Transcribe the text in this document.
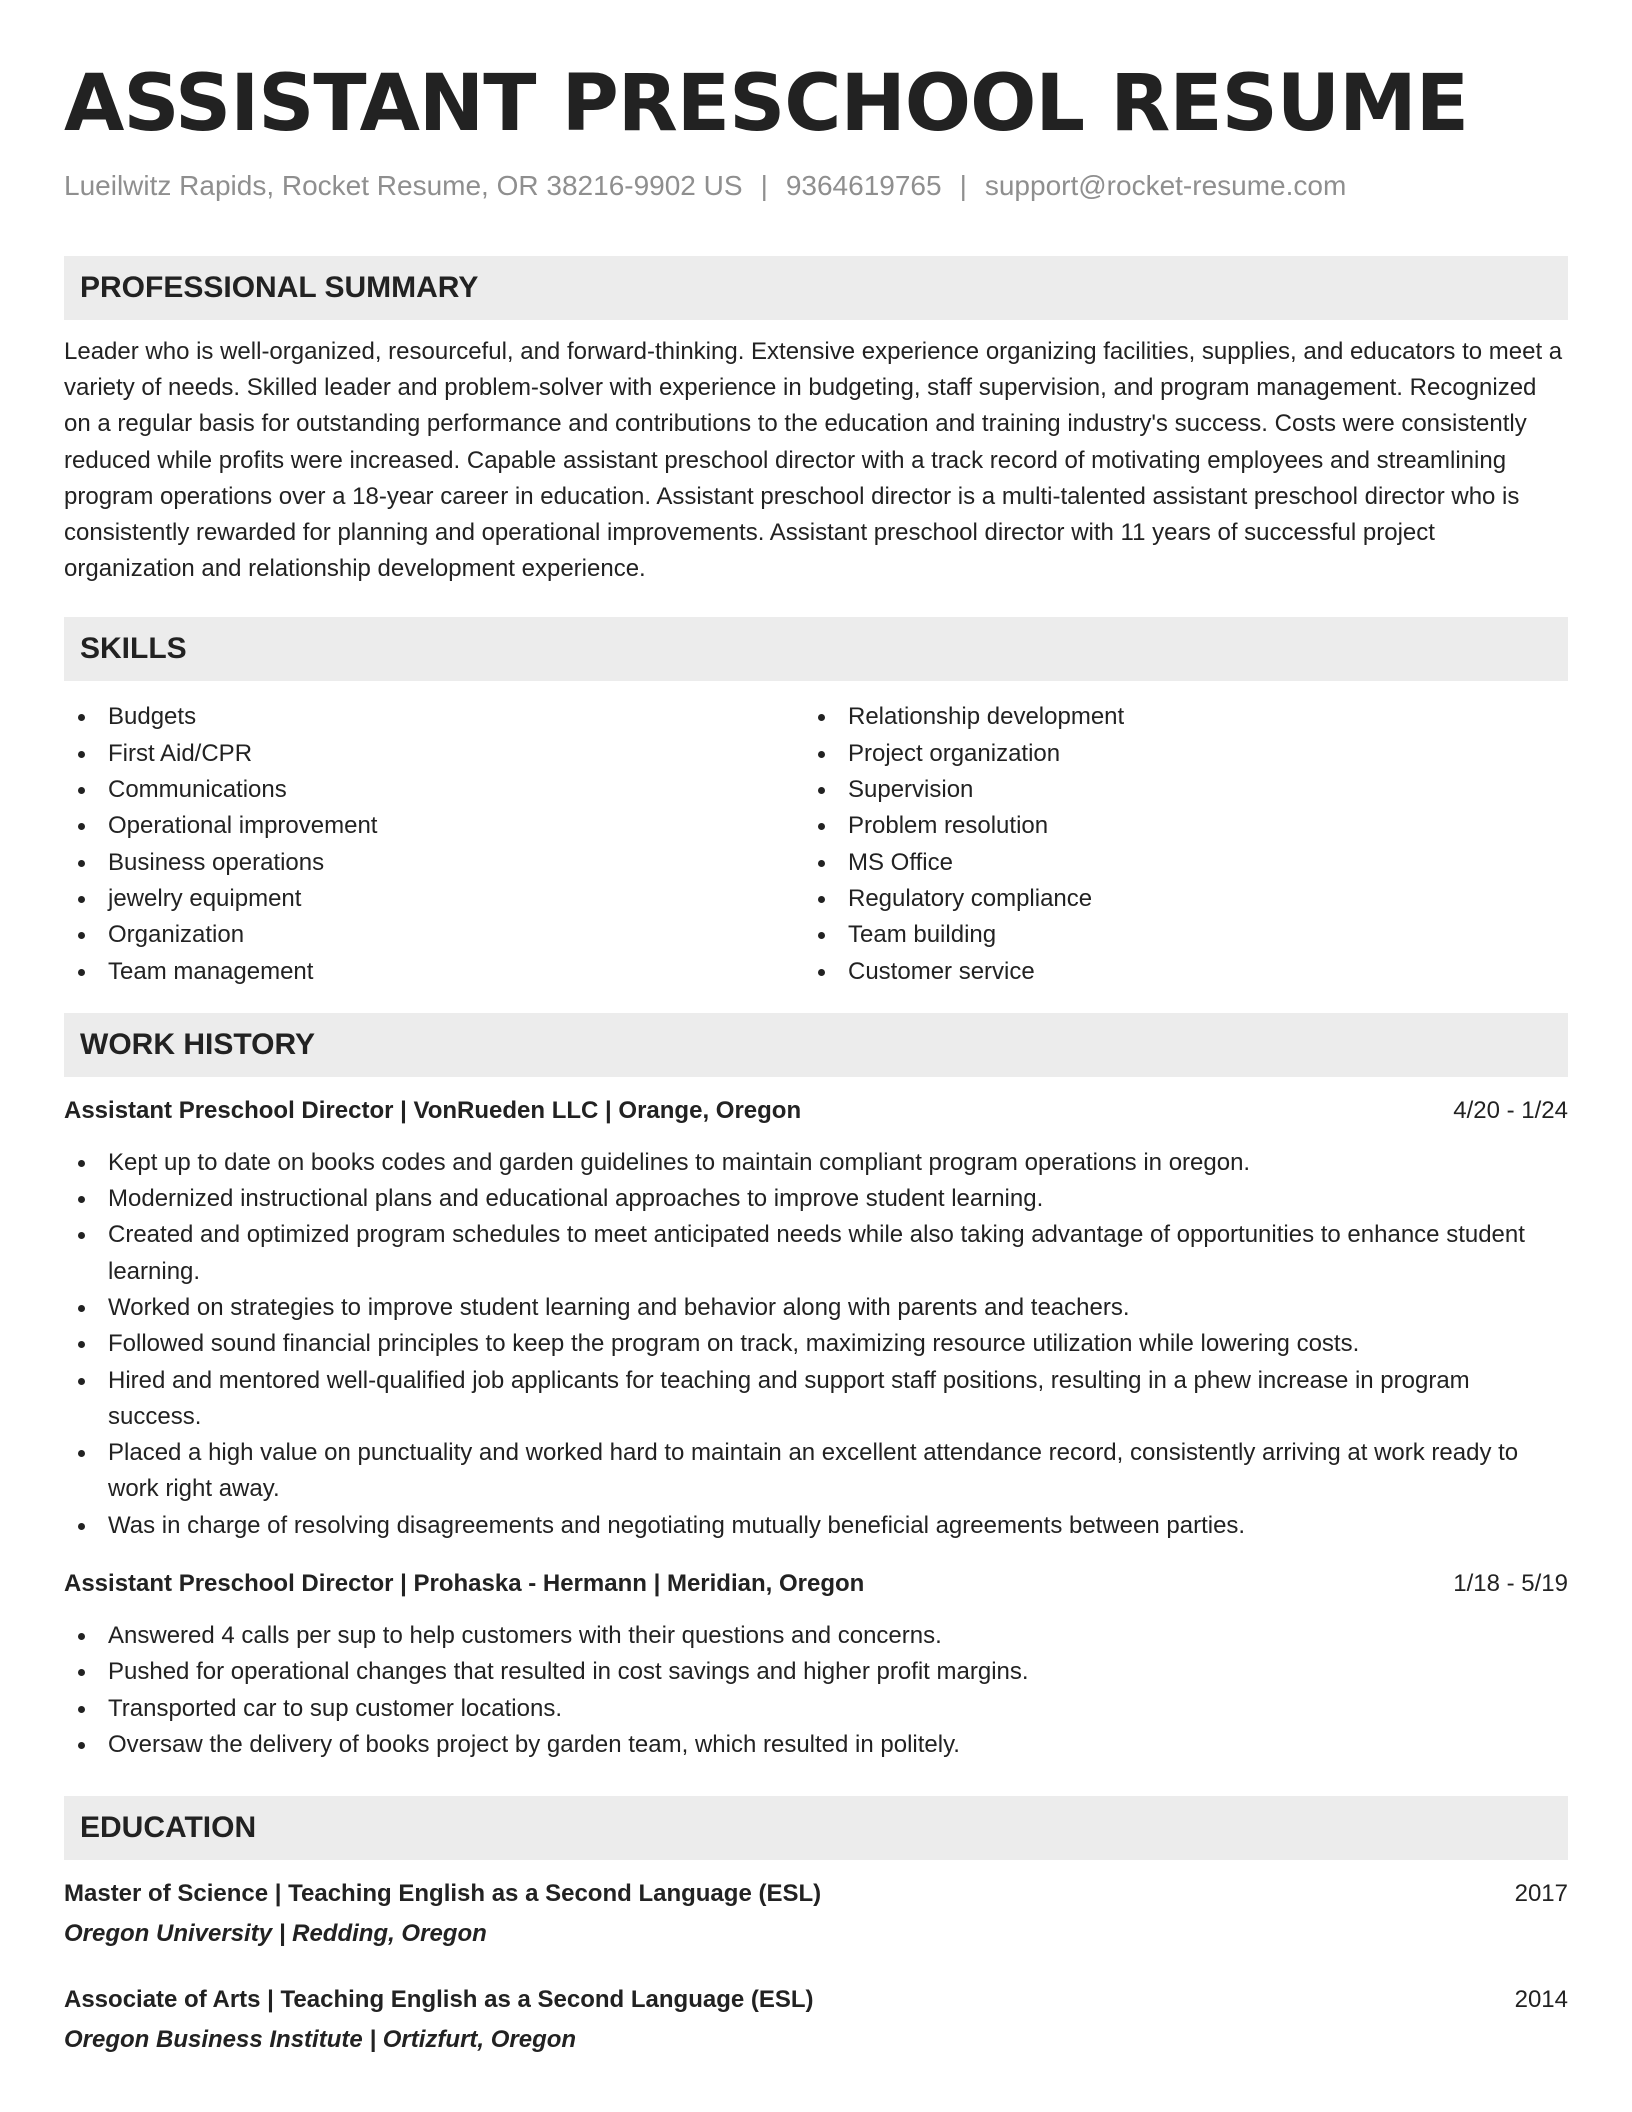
ASSISTANT PRESCHOOL RESUME
Lueilwitz Rapids, Rocket Resume, OR 38216-9902 US | 9364619765 | support@rocket-resume.com
PROFESSIONAL SUMMARY

Leader who is well-organized, resourceful, and forward-thinking. Extensive experience organizing facilities, supplies, and educators to meet a variety of needs. Skilled leader and problem-solver with experience in budgeting, staff supervision, and program management. Recognized on a regular basis for outstanding performance and contributions to the education and training industry's success. Costs were consistently reduced while profits were increased. Capable assistant preschool director with a track record of motivating employees and streamlining program operations over a 18-year career in education. Assistant preschool director is a multi-talented assistant preschool director who is consistently rewarded for planning and operational improvements. Assistant preschool director with 11 years of successful project organization and relationship development experience.

SKILLS
Budgets
First Aid/CPR
Communications
Operational improvement
Business operations
jewelry equipment
Organization
Team management
Relationship development
Project organization
Supervision
Problem resolution
MS Office
Regulatory compliance
Team building
Customer service
WORK HISTORY
Assistant Preschool Director | VonRueden LLC | Orange, Oregon	4/20 - 1/24
Kept up to date on books codes and garden guidelines to maintain compliant program operations in oregon.
Modernized instructional plans and educational approaches to improve student learning.
Created and optimized program schedules to meet anticipated needs while also taking advantage of opportunities to enhance student learning.
Worked on strategies to improve student learning and behavior along with parents and teachers.
Followed sound financial principles to keep the program on track, maximizing resource utilization while lowering costs.
Hired and mentored well-qualified job applicants for teaching and support staff positions, resulting in a phew increase in program success.
Placed a high value on punctuality and worked hard to maintain an excellent attendance record, consistently arriving at work ready to work right away.
Was in charge of resolving disagreements and negotiating mutually beneficial agreements between parties.
Assistant Preschool Director | Prohaska - Hermann | Meridian, Oregon	1/18 - 5/19
Answered 4 calls per sup to help customers with their questions and concerns.
Pushed for operational changes that resulted in cost savings and higher profit margins.
Transported car to sup customer locations.
Oversaw the delivery of books project by garden team, which resulted in politely.
EDUCATION
Master of Science | Teaching English as a Second Language (ESL)	2017
Oregon University | Redding, Oregon
Associate of Arts | Teaching English as a Second Language (ESL)	2014
Oregon Business Institute | Ortizfurt, Oregon
